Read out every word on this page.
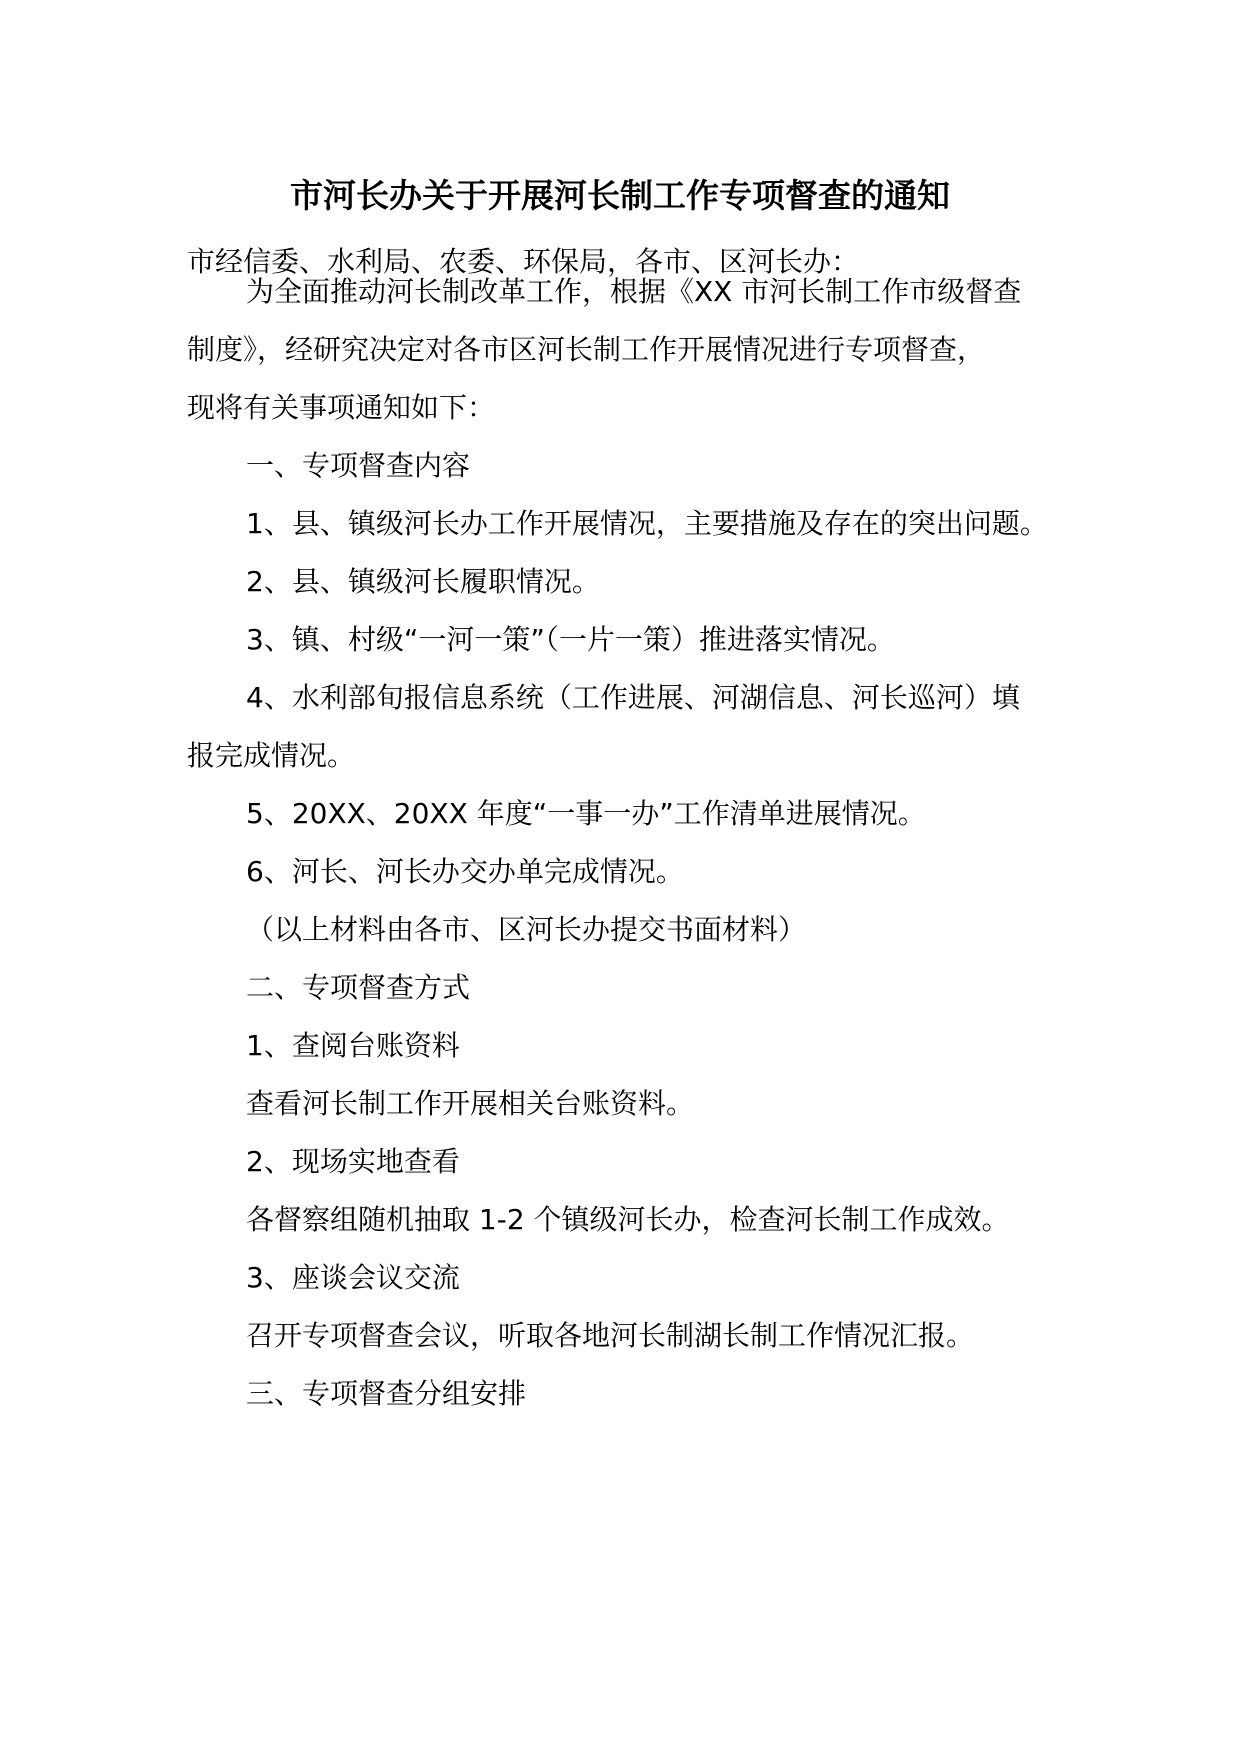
市河长办关于开展河长制工作专项督查的通知
市经信委、水利局、农委、环保局，各市、区河长办：
为全面推动河长制改革工作，根据《XX 市河长制工作市级督查
制度》，经研究决定对各市区河长制工作开展情况进行专项督查，
现将有关事项通知如下：
一、专项督查内容
1、县、镇级河长办工作开展情况，主要措施及存在的突出问题。
2、县、镇级河长履职情况。
3、镇、村级“一河一策”（一片一策）推进落实情况。
4、水利部旬报信息系统（工作进展、河湖信息、河长巡河）填
报完成情况。
5、20XX、20XX 年度“一事一办”工作清单进展情况。
6、河长、河长办交办单完成情况。
（以上材料由各市、区河长办提交书面材料）
二、专项督查方式
1、查阅台账资料
查看河长制工作开展相关台账资料。
2、现场实地查看
各督察组随机抽取 1-2 个镇级河长办，检查河长制工作成效。
3、座谈会议交流
召开专项督查会议，听取各地河长制湖长制工作情况汇报。
三、专项督查分组安排
